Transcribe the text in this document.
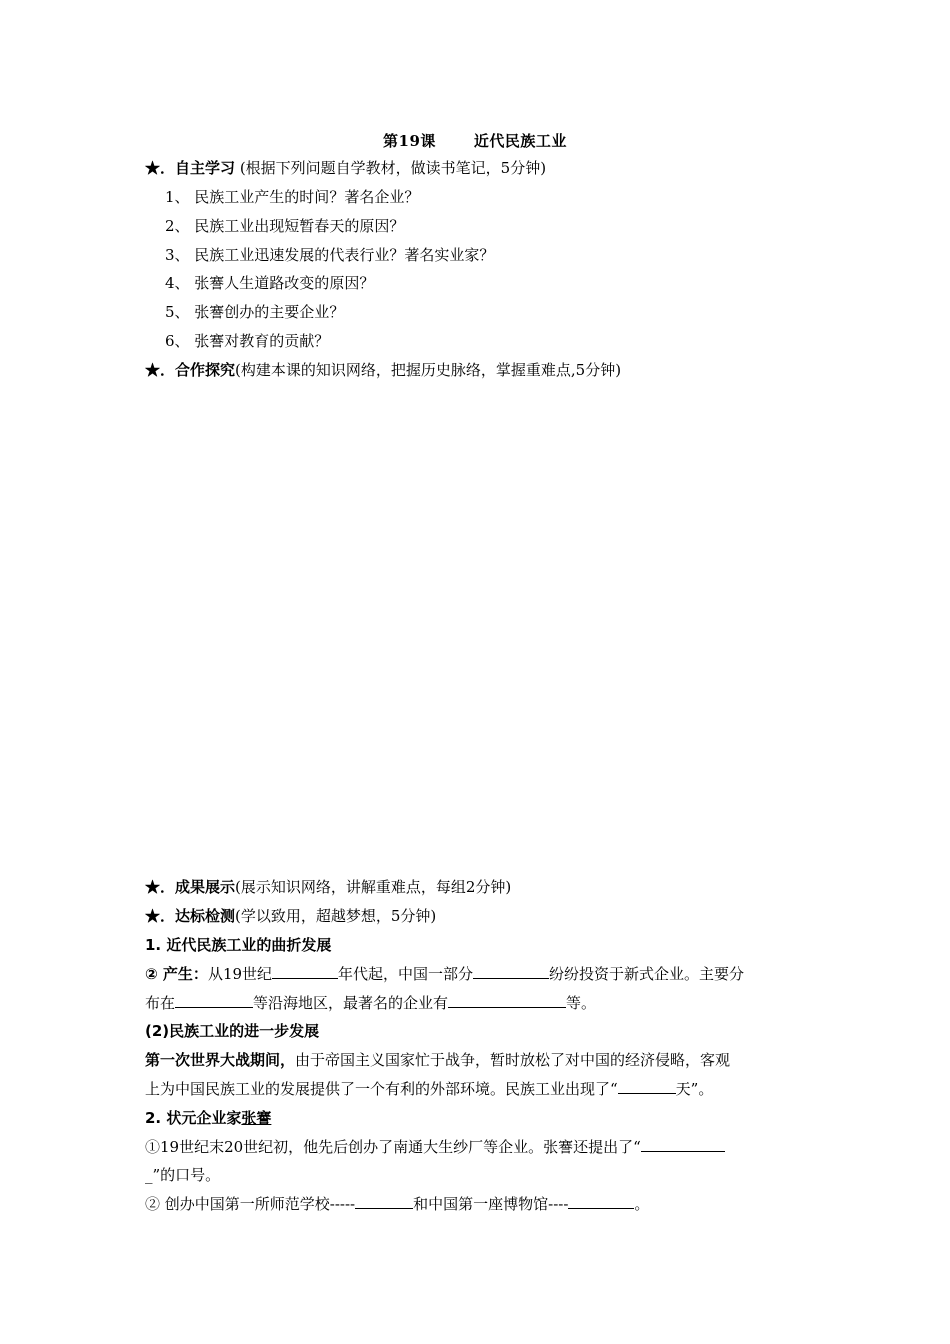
第19课	近代民族工业
★．自主学习 (根据下列问题自学教材，做读书笔记，5分钟)
1、 民族工业产生的时间？著名企业？
2、 民族工业出现短暂春天的原因？
3、 民族工业迅速发展的代表行业？著名实业家？
4、 张謇人生道路改变的原因？
5、 张謇创办的主要企业？
6、 张謇对教育的贡献？
★．合作探究(构建本课的知识网络，把握历史脉络，掌握重难点,5分钟)
★．成果展示(展示知识网络，讲解重难点，每组2分钟)
★．达标检测(学以致用，超越梦想，5分钟)
1. 近代民族工业的曲折发展
② 产生：从19世纪	年代起，中国一部分	纷纷投资于新式企业。主要分
布在	等沿海地区，最著名的企业有	等。
(2)民族工业的进一步发展
第一次世界大战期间，由于帝国主义国家忙于战争，暂时放松了对中国的经济侵略，客观
上为中国民族工业的发展提供了一个有利的外部环境。民族工业出现了“	天”。
2. 状元企业家张謇
①19世纪末20世纪初，他先后创办了南通大生纱厂等企业。张謇还提出了“
_”的口号。
② 创办中国第一所师范学校-----	和中国第一座博物馆----	。
